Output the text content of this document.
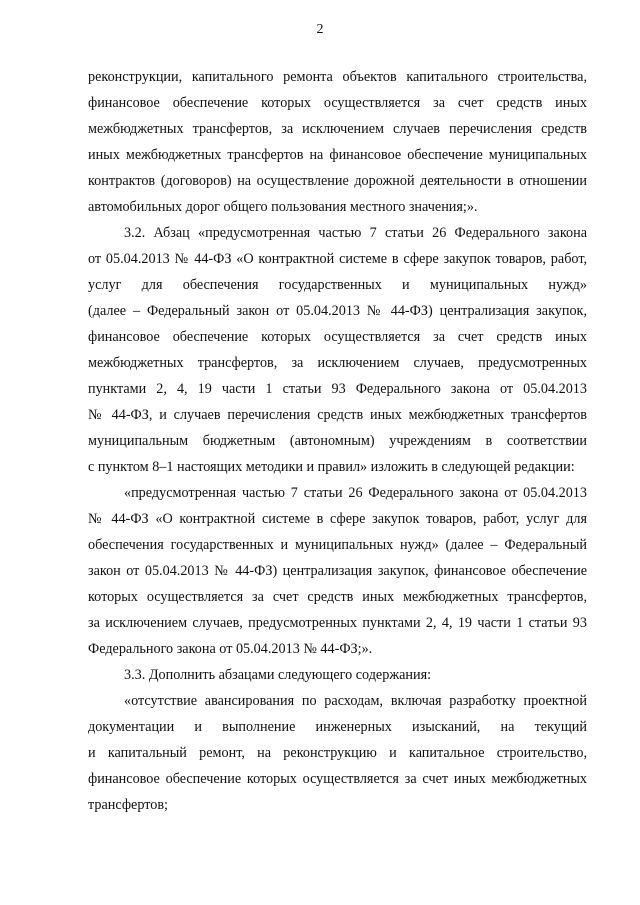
2
реконструкции, капитального ремонта объектов капитального строительства,
финансовое обеспечение которых осуществляется за счет средств иных
межбюджетных трансфертов, за исключением случаев перечисления средств
иных межбюджетных трансфертов на финансовое обеспечение муниципальных
контрактов (договоров) на осуществление дорожной деятельности в отношении
автомобильных дорог общего пользования местного значения;».
3.2. Абзац «предусмотренная частью 7 статьи 26 Федерального закона
от 05.04.2013 № 44-ФЗ «О контрактной системе в сфере закупок товаров, работ,
услуг для обеспечения государственных и муниципальных нужд»
(далее – Федеральный закон от 05.04.2013 № 44-ФЗ) централизация закупок,
финансовое обеспечение которых осуществляется за счет средств иных
межбюджетных трансфертов, за исключением случаев, предусмотренных
пунктами 2, 4, 19 части 1 статьи 93 Федерального закона от 05.04.2013
№ 44-ФЗ, и случаев перечисления средств иных межбюджетных трансфертов
муниципальным бюджетным (автономным) учреждениям в соответствии
с пунктом 8–1 настоящих методики и правил» изложить в следующей редакции:
«предусмотренная частью 7 статьи 26 Федерального закона от 05.04.2013
№ 44-ФЗ «О контрактной системе в сфере закупок товаров, работ, услуг для
обеспечения государственных и муниципальных нужд» (далее – Федеральный
закон от 05.04.2013 № 44-ФЗ) централизация закупок, финансовое обеспечение
которых осуществляется за счет средств иных межбюджетных трансфертов,
за исключением случаев, предусмотренных пунктами 2, 4, 19 части 1 статьи 93
Федерального закона от 05.04.2013 № 44-ФЗ;».
3.3. Дополнить абзацами следующего содержания:
«отсутствие авансирования по расходам, включая разработку проектной
документации и выполнение инженерных изысканий, на текущий
и капитальный ремонт, на реконструкцию и капитальное строительство,
финансовое обеспечение которых осуществляется за счет иных межбюджетных
трансфертов;
